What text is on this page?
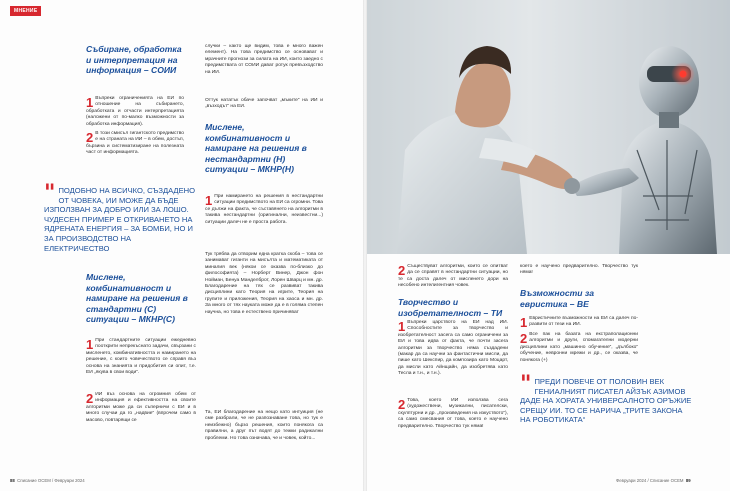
МНЕНИЕ
Събиране, обработка и интерпретация на информация – СОИИ
1 Въпреки ограниченията на ЕИ по отношение на събирането, обработката и отчасти интерпретацията (наложени от по-малко възможности за обработка информация).
2 В този смисъл гигантското предимство е на страната на ИИ – в обем, достъп, бързина и систематизиране на полезната част от информацията.
" ПОДОБНО НА ВСИЧКО, СЪЗДАДЕНО ОТ ЧОВЕКА, ИИ МОЖЕ ДА БЪДЕ ИЗПОЛЗВАН ЗА ДОБРО ИЛИ ЗА ЛОШО. ЧУДЕСЕН ПРИМЕР Е ОТКРИВАНЕТО НА ЯДРЕНАТА ЕНЕРГИЯ – ЗА БОМБИ, НО И ЗА ПРОИЗВОДСТВО НА ЕЛЕКТРИЧЕСТВО
Мислене, комбинативност и намиране на решения в стандартни (С) ситуации – МКНР(С)
1 При стандартните ситуации ежедневно пооткрити непрекъснато задачи, свързани с мисленето, комбинативността и намирането на решение, с които човечеството се справя въз основа на знанията и придобития си опит, т.е. ЕИ „якува в свои води“.
2 ИИ въз основа на огромния обем от информация и ефективността на своите алгоритми може да си съперничи с ЕИ и в много случаи да го „надвие“ (впрочем само в масово, повтарящи се
случки – както ще видим, това е много важен елемент). На това предимство се основават и мрачните прогнози за силата на ИИ, които заедно с предимствата от СОИИ дават ротук превъзходство на ИИ.
Оттук нататък обаче започват „мъките“ на ИИ и „възходът“ на ЕИ.
Мислене, комбинативност и намиране на решения в нестандартни (Н) ситуации – МКНР(Н)
1 При намирането на решения в нестандартни ситуации предимството на ЕИ са огромни. Това се дължи на факта, че съставянето на алгоритми в такива нестандартни (оригинални, неизвестни...) ситуации далеч не е проста работа.
Тук трябва да отворим една кратка скоба – това се занимават гиганти на мисълта и математиката от миналия век (някои се оказва по-близко до философията) – Норберт Винер, Джон фон Нойман, Бенуа Манделброт, Лорен Шварц и мн. др. Благодарение на тях се развиват такива дисциплини като Теория на игрите, Теория на групите и приложения, Теория на хаоса и мн. др. За много от тях науката може да е в голяма степен научна, но това е естествено причиняват
Та, ЕИ благодарение на нещо като интуиция (не сме разбрали, че не разпознаване това, но тук е неизбежно) бързо решения, които понякога са правилни, а друг път водят до тежки радикални проблеми. Но това означава, че и човек, който...
88 Списание ОСЕМ / Февруари 2024
2 Съществуват алгоритми, които се опитват да се справят в нестандартни ситуации, но те са доста далеч от мисленето дори на несобено интелигентния човек.
Творчество и изобретателност – ТИ
1 Въпреки царството на ЕИ над ИИ. Способностите за творчество и изобретателност засега са само ограничени за ЕИ и това идва от факта, че почти засега алгоритми за творчество няма създадени (макар да са научни за фантастични мисли, да пише като Шекспир, да композира като Моцарт, да мисли като Айнщайн, да изобретява като Тесла и т.н., и т.н.).
2 Това, което ИИ използва сега (художествени, музикални, писателски, скулптурни и др. „произведения на изкуството“), са само смесвания от това, което е научено предварително. Творчество тук няма!
което е научено предварително. Творчество тук няма!
Възможности за евристика – ВЕ
1 Евристичните възможности на ЕИ са далеч по-развити от тези на ИИ.
2 Все пак на базата на екстраполационни алгоритми и други, спомагателни модерни дисциплини като „машинно обучение“, „дълбоко“ обучение, невронни мрежи и др., се оказва, че понякога (+)
" ПРЕДИ ПОВЕЧЕ ОТ ПОЛОВИН ВЕК ГЕНИАЛНИЯТ ПИСАТЕЛ АЙЗЪК АЗИМОВ ДАДЕ НА ХОРАТА УНИВЕРСАЛНОТО ОРЪЖИЕ СРЕЩУ ИИ. ТО СЕ НАРИЧА „ТРИТЕ ЗАКОНА НА РОБОТИКАТА“
Февруари 2024 / Списание ОСЕМ 89
